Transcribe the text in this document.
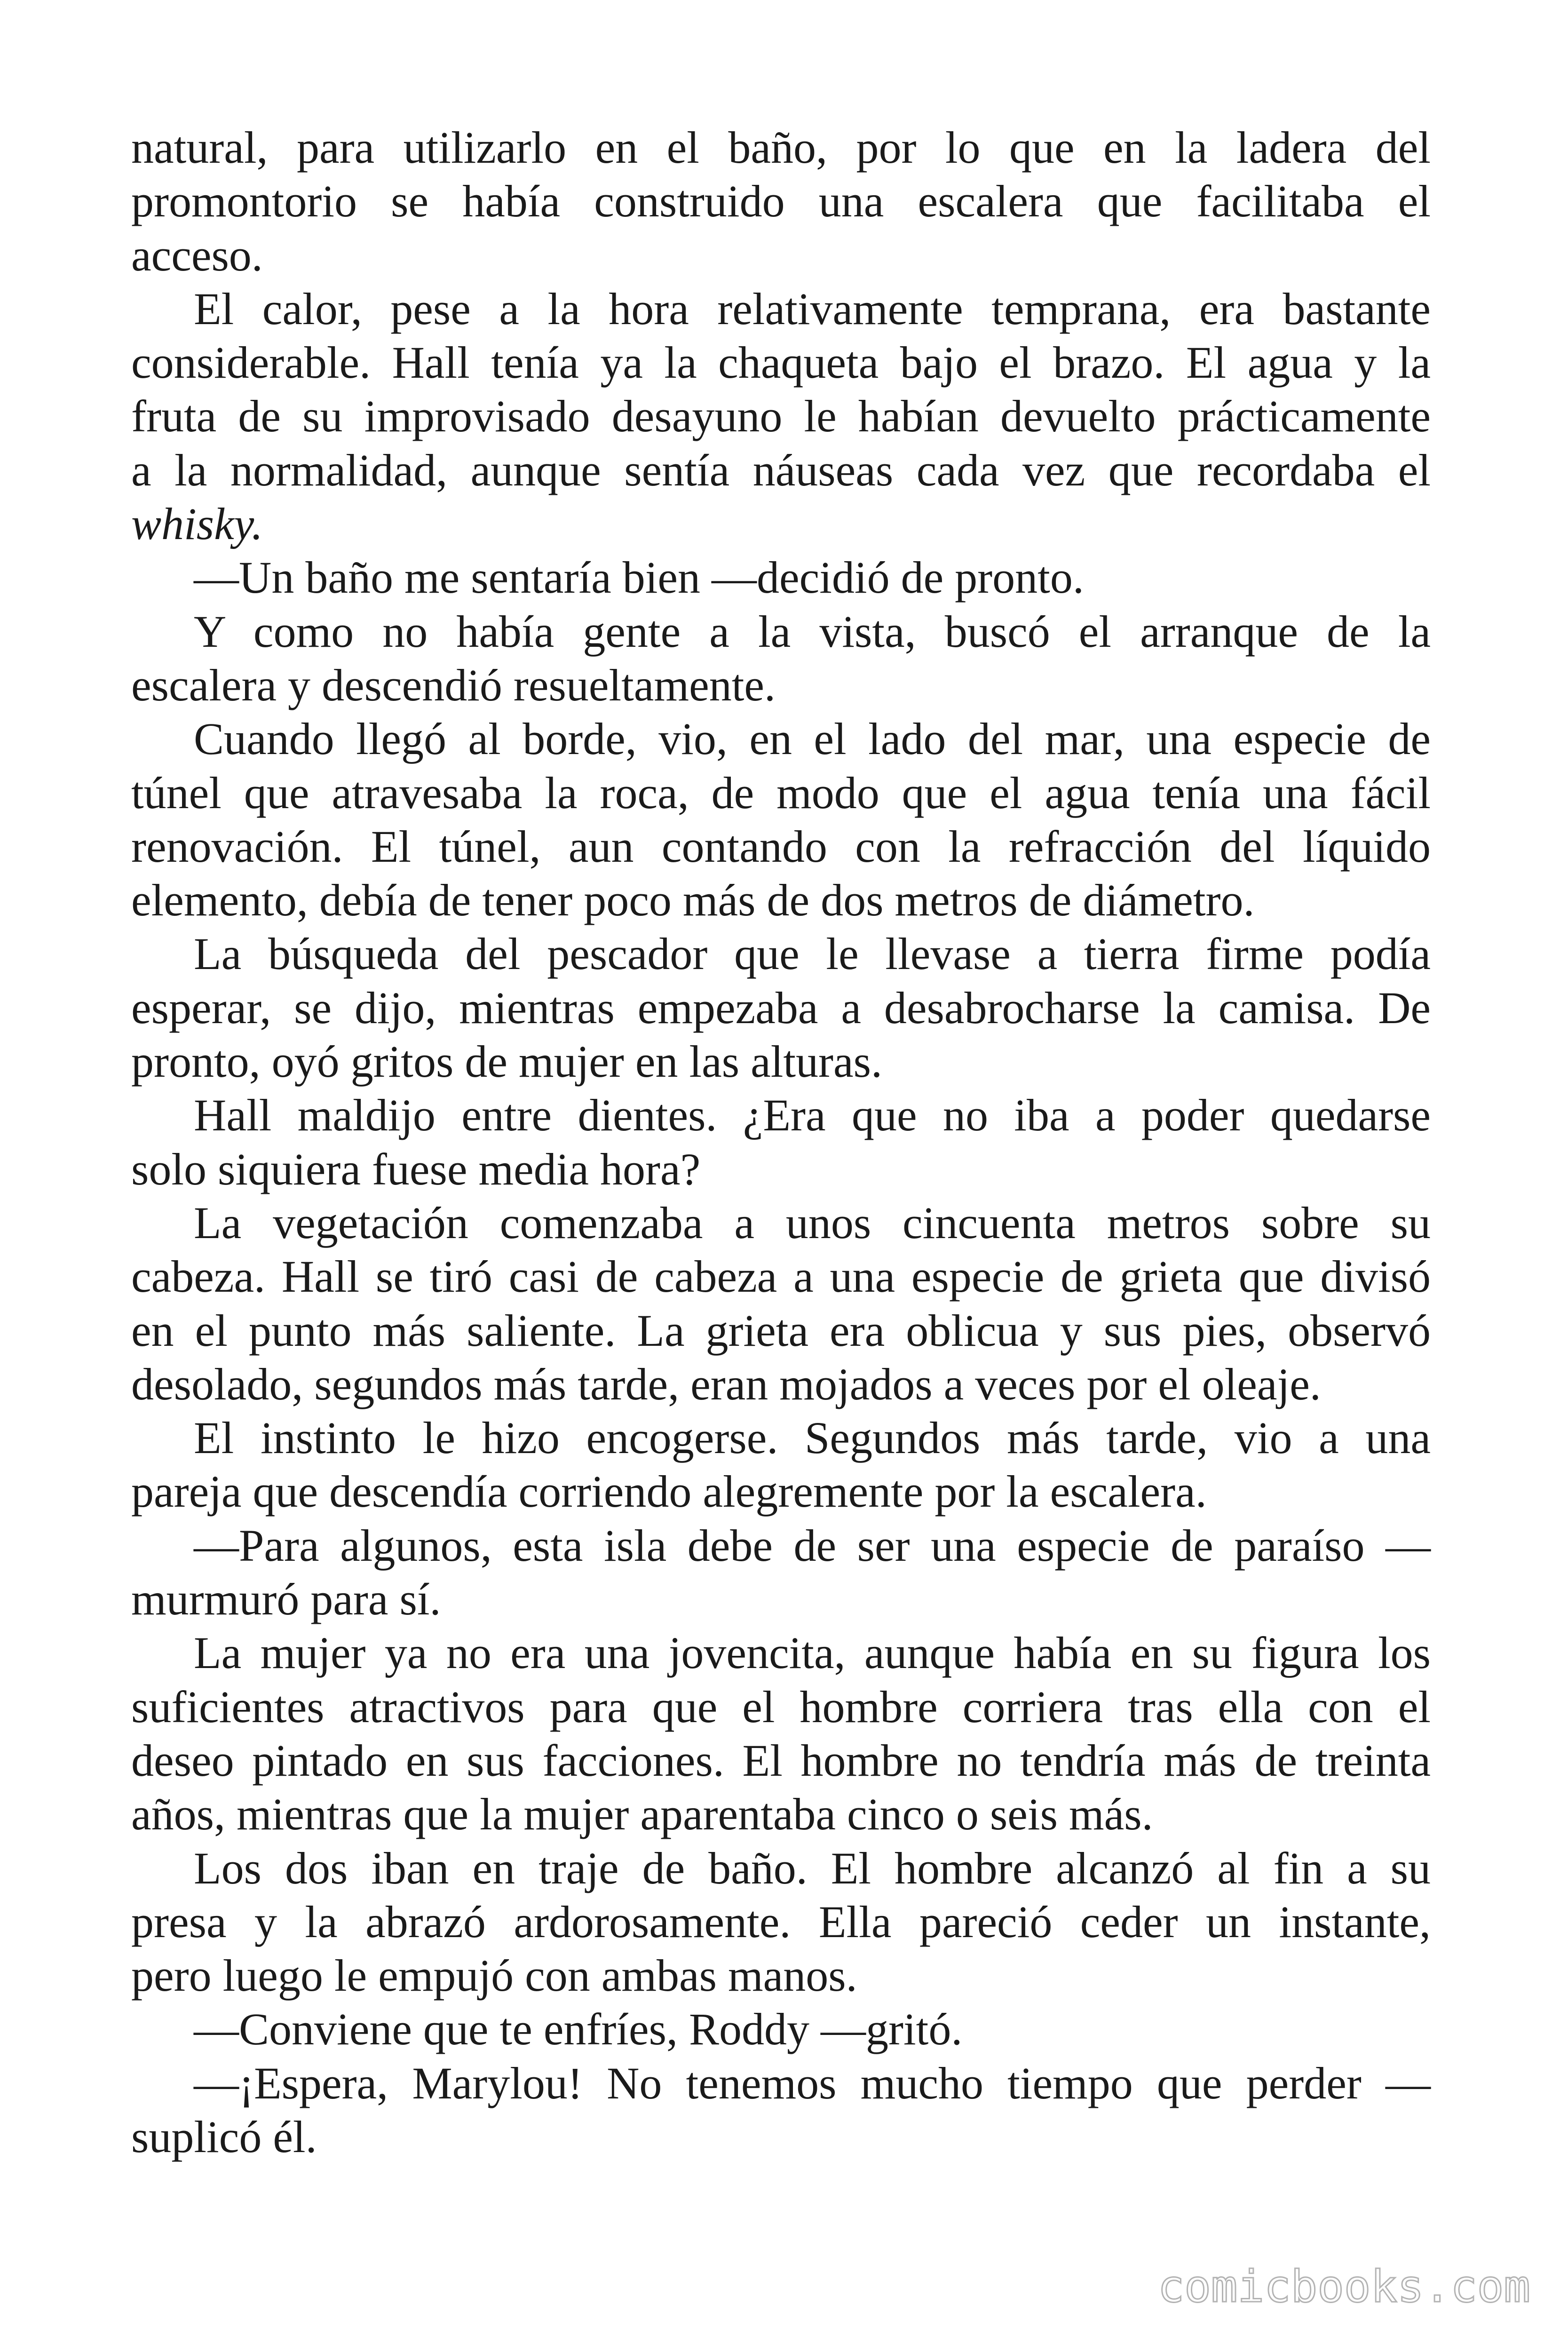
natural, para utilizarlo en el baño, por lo que en la ladera del
promontorio se había construido una escalera que facilitaba el
acceso.
El calor, pese a la hora relativamente temprana, era bastante
considerable. Hall tenía ya la chaqueta bajo el brazo. El agua y la
fruta de su improvisado desayuno le habían devuelto prácticamente
a la normalidad, aunque sentía náuseas cada vez que recordaba el
whisky.
—Un baño me sentaría bien —decidió de pronto.
Y como no había gente a la vista, buscó el arranque de la
escalera y descendió resueltamente.
Cuando llegó al borde, vio, en el lado del mar, una especie de
túnel que atravesaba la roca, de modo que el agua tenía una fácil
renovación. El túnel, aun contando con la refracción del líquido
elemento, debía de tener poco más de dos metros de diámetro.
La búsqueda del pescador que le llevase a tierra firme podía
esperar, se dijo, mientras empezaba a desabrocharse la camisa. De
pronto, oyó gritos de mujer en las alturas.
Hall maldijo entre dientes. ¿Era que no iba a poder quedarse
solo siquiera fuese media hora?
La vegetación comenzaba a unos cincuenta metros sobre su
cabeza. Hall se tiró casi de cabeza a una especie de grieta que divisó
en el punto más saliente. La grieta era oblicua y sus pies, observó
desolado, segundos más tarde, eran mojados a veces por el oleaje.
El instinto le hizo encogerse. Segundos más tarde, vio a una
pareja que descendía corriendo alegremente por la escalera.
—Para algunos, esta isla debe de ser una especie de paraíso —
murmuró para sí.
La mujer ya no era una jovencita, aunque había en su figura los
suficientes atractivos para que el hombre corriera tras ella con el
deseo pintado en sus facciones. El hombre no tendría más de treinta
años, mientras que la mujer aparentaba cinco o seis más.
Los dos iban en traje de baño. El hombre alcanzó al fin a su
presa y la abrazó ardorosamente. Ella pareció ceder un instante,
pero luego le empujó con ambas manos.
—Conviene que te enfríes, Roddy —gritó.
—¡Espera, Marylou! No tenemos mucho tiempo que perder —
suplicó él.
comicbooks.com
